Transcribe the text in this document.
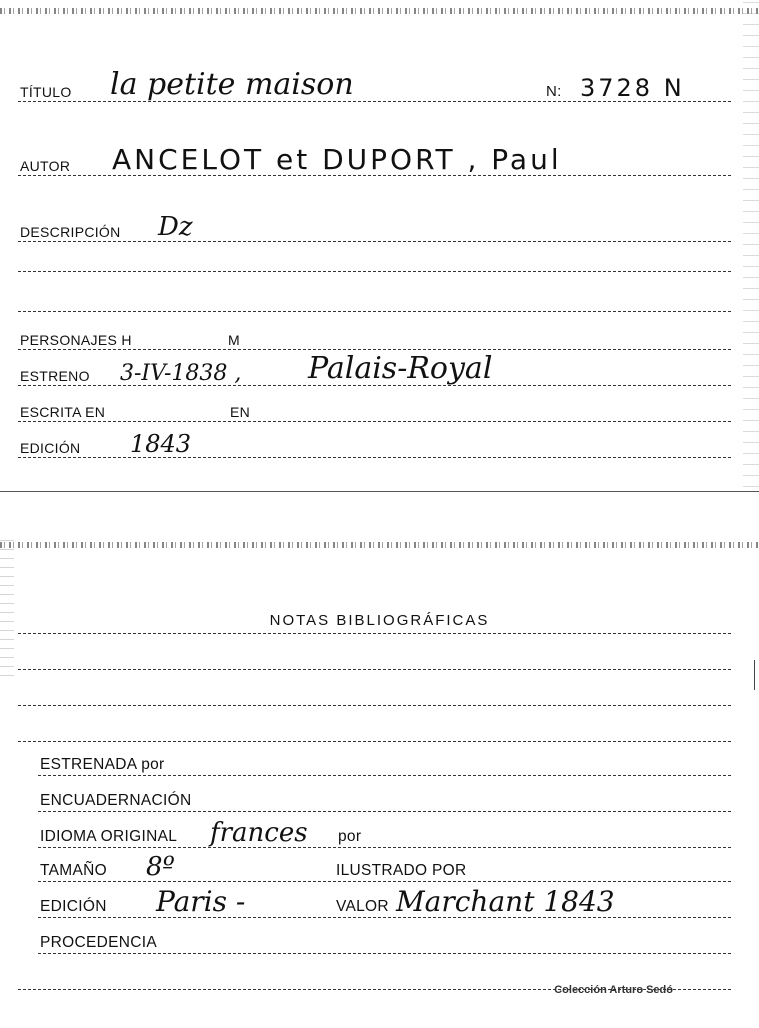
TÍTULO la petite maison	N: 3728 N
AUTOR ANCELOT et DUPORT , Paul
DESCRIPCIÓN Dz
PERSONAJES H	M
ESTRENO 3-IV-1838 , Palais-Royal
ESCRITA EN	EN
EDICIÓN 1843
NOTAS BIBLIOGRÁFICAS
ESTRENADA por
ENCUADERNACIÓN
IDIOMA ORIGINAL frances por
TAMAÑO 8º	ILUSTRADO POR
EDICIÓN Paris -	VALOR Marchant 1843
PROCEDENCIA
Colección Arturo Sedó
